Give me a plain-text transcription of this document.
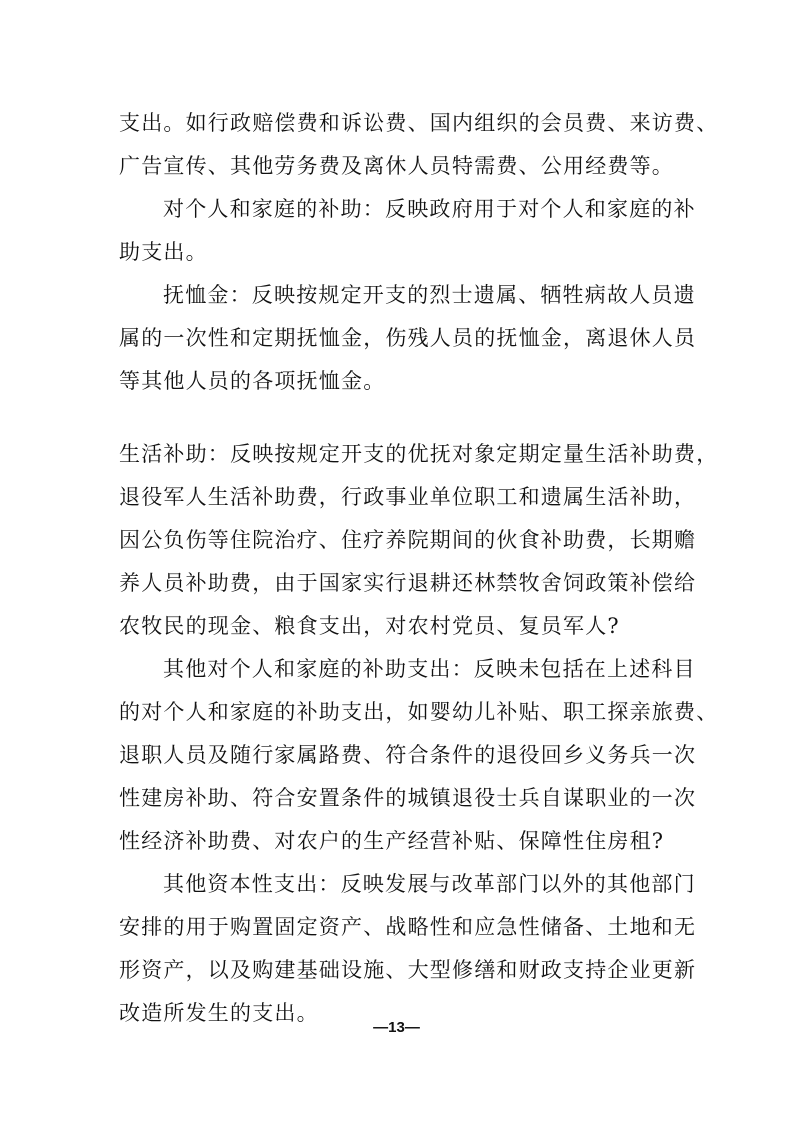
支出。如行政赔偿费和诉讼费、国内组织的会员费、来访费、
广告宣传、其他劳务费及离休人员特需费、公用经费等。
对个人和家庭的补助：反映政府用于对个人和家庭的补
助支出。
抚恤金：反映按规定开支的烈士遗属、牺牲病故人员遗
属的一次性和定期抚恤金，伤残人员的抚恤金，离退休人员
等其他人员的各项抚恤金。
生活补助：反映按规定开支的优抚对象定期定量生活补助费，
退役军人生活补助费，行政事业单位职工和遗属生活补助，
因公负伤等住院治疗、住疗养院期间的伙食补助费，长期赡
养人员补助费，由于国家实行退耕还林禁牧舍饲政策补偿给
农牧民的现金、粮食支出，对农村党员、复员军人?
其他对个人和家庭的补助支出：反映未包括在上述科目
的对个人和家庭的补助支出，如婴幼儿补贴、职工探亲旅费、
退职人员及随行家属路费、符合条件的退役回乡义务兵一次
性建房补助、符合安置条件的城镇退役士兵自谋职业的一次
性经济补助费、对农户的生产经营补贴、保障性住房租?
其他资本性支出：反映发展与改革部门以外的其他部门
安排的用于购置固定资产、战略性和应急性储备、土地和无
形资产，以及购建基础设施、大型修缮和财政支持企业更新
改造所发生的支出。
—13—
